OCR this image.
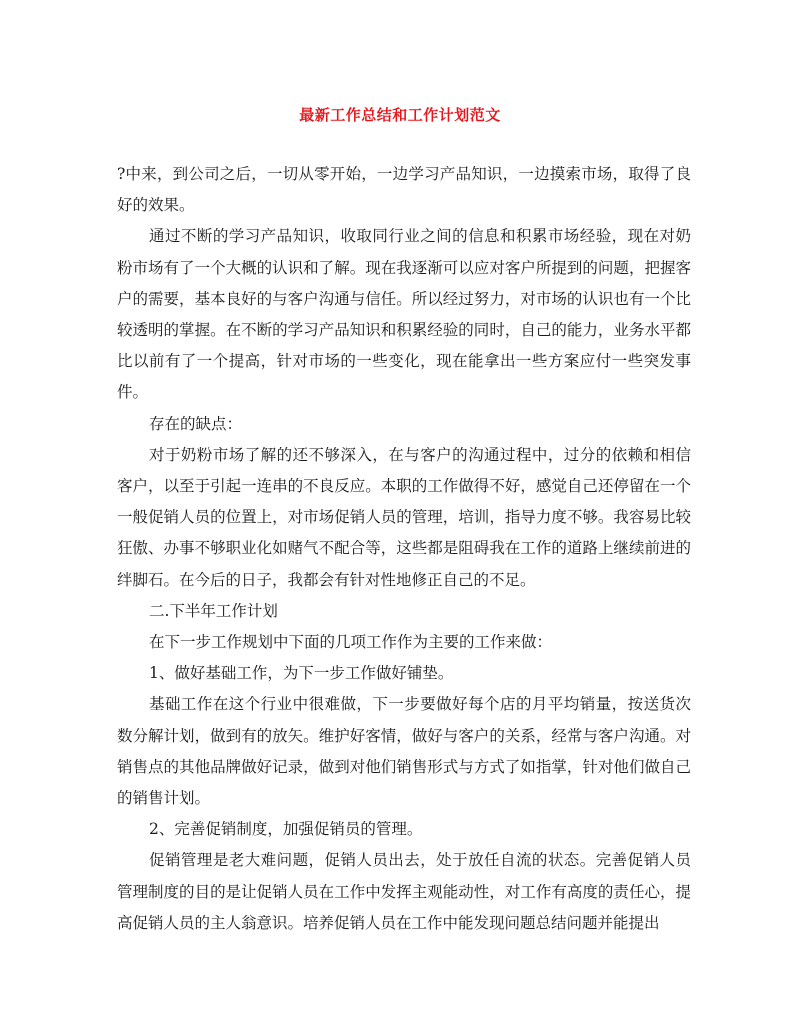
最新工作总结和工作计划范文

?中来，到公司之后，一切从零开始，一边学习产品知识，一边摸索市场，取得了良好的效果。

通过不断的学习产品知识，收取同行业之间的信息和积累市场经验，现在对奶粉市场有了一个大概的认识和了解。现在我逐渐可以应对客户所提到的问题，把握客户的需要，基本良好的与客户沟通与信任。所以经过努力，对市场的认识也有一个比较透明的掌握。在不断的学习产品知识和积累经验的同时，自己的能力，业务水平都比以前有了一个提高，针对市场的一些变化，现在能拿出一些方案应付一些突发事件。

存在的缺点：

对于奶粉市场了解的还不够深入，在与客户的沟通过程中，过分的依赖和相信客户，以至于引起一连串的不良反应。本职的工作做得不好，感觉自己还停留在一个一般促销人员的位置上，对市场促销人员的管理，培训，指导力度不够。我容易比较狂傲、办事不够职业化如赌气不配合等，这些都是阻碍我在工作的道路上继续前进的绊脚石。在今后的日子，我都会有针对性地修正自己的不足。

二.下半年工作计划

在下一步工作规划中下面的几项工作作为主要的工作来做：

1、做好基础工作，为下一步工作做好铺垫。

基础工作在这个行业中很难做，下一步要做好每个店的月平均销量，按送货次数分解计划，做到有的放矢。维护好客情，做好与客户的关系，经常与客户沟通。对销售点的其他品牌做好记录，做到对他们销售形式与方式了如指掌，针对他们做自己的销售计划。

2、完善促销制度，加强促销员的管理。

促销管理是老大难问题，促销人员出去，处于放任自流的状态。完善促销人员管理制度的目的是让促销人员在工作中发挥主观能动性，对工作有高度的责任心，提高促销人员的主人翁意识。培养促销人员在工作中能发现问题总结问题并能提出
